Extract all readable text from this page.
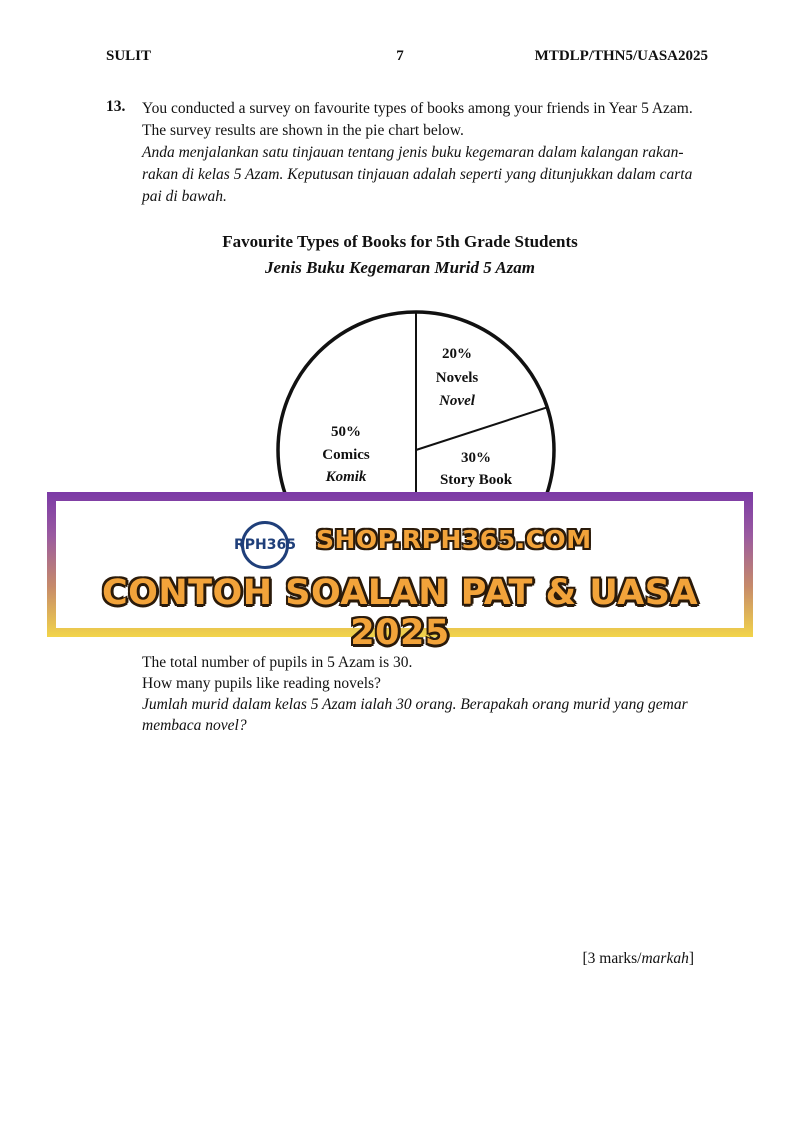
SULIT	7	MTDLP/THN5/UASA2025
13. You conducted a survey on favourite types of books among your friends in Year 5 Azam. The survey results are shown in the pie chart below.
Anda menjalankan satu tinjauan tentang jenis buku kegemaran dalam kalangan rakan-rakan di kelas 5 Azam. Keputusan tinjauan adalah seperti yang ditunjukkan dalam carta pai di bawah.
Favourite Types of Books for 5th Grade Students
Jenis Buku Kegemaran Murid 5 Azam
50%
Comics
Komik
20%
Novels
Novel
30%
Story Book
RPH365 SHOP.RPH365.COM
CONTOH SOALAN PAT & UASA 2025
The total number of pupils in 5 Azam is 30.
How many pupils like reading novels?
Jumlah murid dalam kelas 5 Azam ialah 30 orang. Berapakah orang murid yang gemar membaca novel?
[3 marks/markah]
